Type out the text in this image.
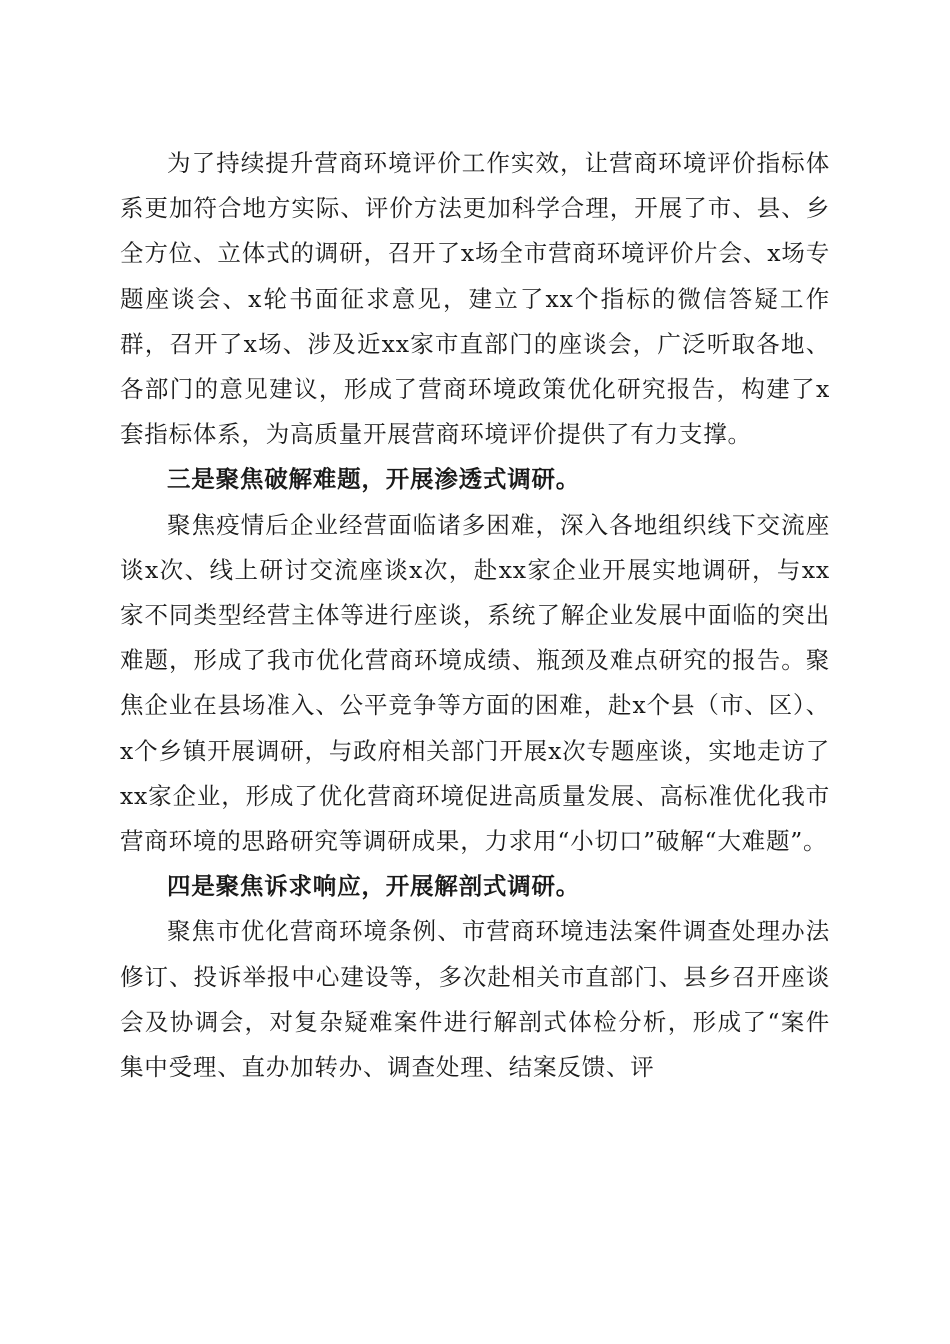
为了持续提升营商环境评价工作实效，让营商环境评价指标体系更加符合地方实际、评价方法更加科学合理，开展了市、县、乡全方位、立体式的调研，召开了x场全市营商环境评价片会、x场专题座谈会、x轮书面征求意见，建立了xx个指标的微信答疑工作群，召开了x场、涉及近xx家市直部门的座谈会，广泛听取各地、各部门的意见建议，形成了营商环境政策优化研究报告，构建了x套指标体系，为高质量开展营商环境评价提供了有力支撑。

三是聚焦破解难题，开展渗透式调研。

聚焦疫情后企业经营面临诸多困难，深入各地组织线下交流座谈x次、线上研讨交流座谈x次，赴xx家企业开展实地调研，与xx家不同类型经营主体等进行座谈，系统了解企业发展中面临的突出难题，形成了我市优化营商环境成绩、瓶颈及难点研究的报告。聚焦企业在县场准入、公平竞争等方面的困难，赴x个县（市、区）、x个乡镇开展调研，与政府相关部门开展x次专题座谈，实地走访了xx家企业，形成了优化营商环境促进高质量发展、高标准优化我市营商环境的思路研究等调研成果，力求用“小切口”破解“大难题”。

四是聚焦诉求响应，开展解剖式调研。

聚焦市优化营商环境条例、市营商环境违法案件调查处理办法修订、投诉举报中心建设等，多次赴相关市直部门、县乡召开座谈会及协调会，对复杂疑难案件进行解剖式体检分析，形成了“案件集中受理、直办加转办、调查处理、结案反馈、评
